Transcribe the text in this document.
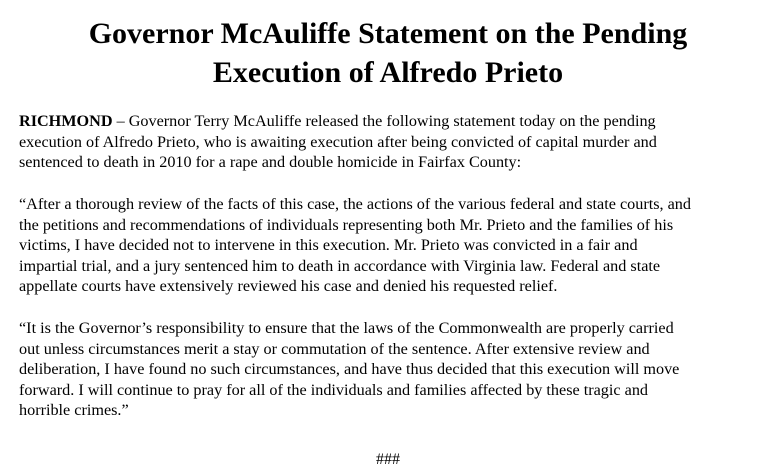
Governor McAuliffe Statement on the Pending
Execution of Alfredo Prieto

RICHMOND – Governor Terry McAuliffe released the following statement today on the pending
execution of Alfredo Prieto, who is awaiting execution after being convicted of capital murder and
sentenced to death in 2010 for a rape and double homicide in Fairfax County:

“After a thorough review of the facts of this case, the actions of the various federal and state courts, and
the petitions and recommendations of individuals representing both Mr. Prieto and the families of his
victims, I have decided not to intervene in this execution. Mr. Prieto was convicted in a fair and
impartial trial, and a jury sentenced him to death in accordance with Virginia law. Federal and state
appellate courts have extensively reviewed his case and denied his requested relief.

“It is the Governor’s responsibility to ensure that the laws of the Commonwealth are properly carried
out unless circumstances merit a stay or commutation of the sentence. After extensive review and
deliberation, I have found no such circumstances, and have thus decided that this execution will move
forward. I will continue to pray for all of the individuals and families affected by these tragic and
horrible crimes.”

###
